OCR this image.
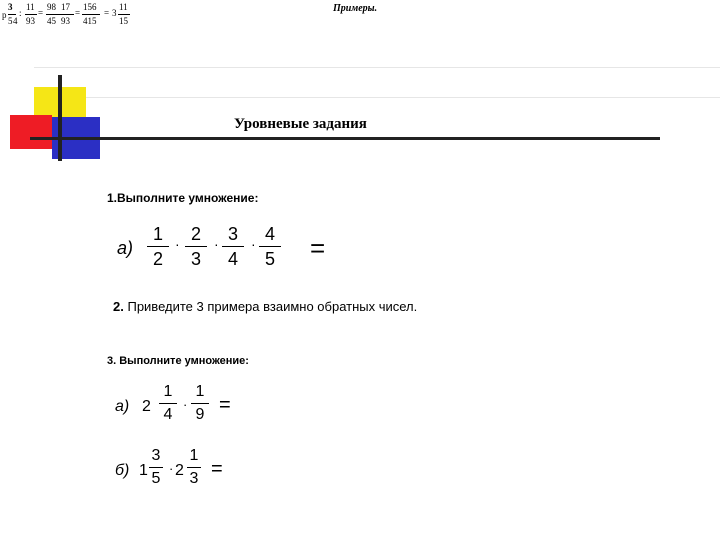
p
3
5 4
:
11
93
=
98
45
17
93
=
156
415
= 3
11
15
Примеры.
Уровневые задания
1.Выполните умножение:
a)
1
2
· 2
3
· 3
4
· 4
5 =
2. Приведите 3 примера взаимно обратных чисел.
3. Выполните умножение:
a) 2
1
4
·
1
9 =
б) 1
3
5
· 2
1
3 =
